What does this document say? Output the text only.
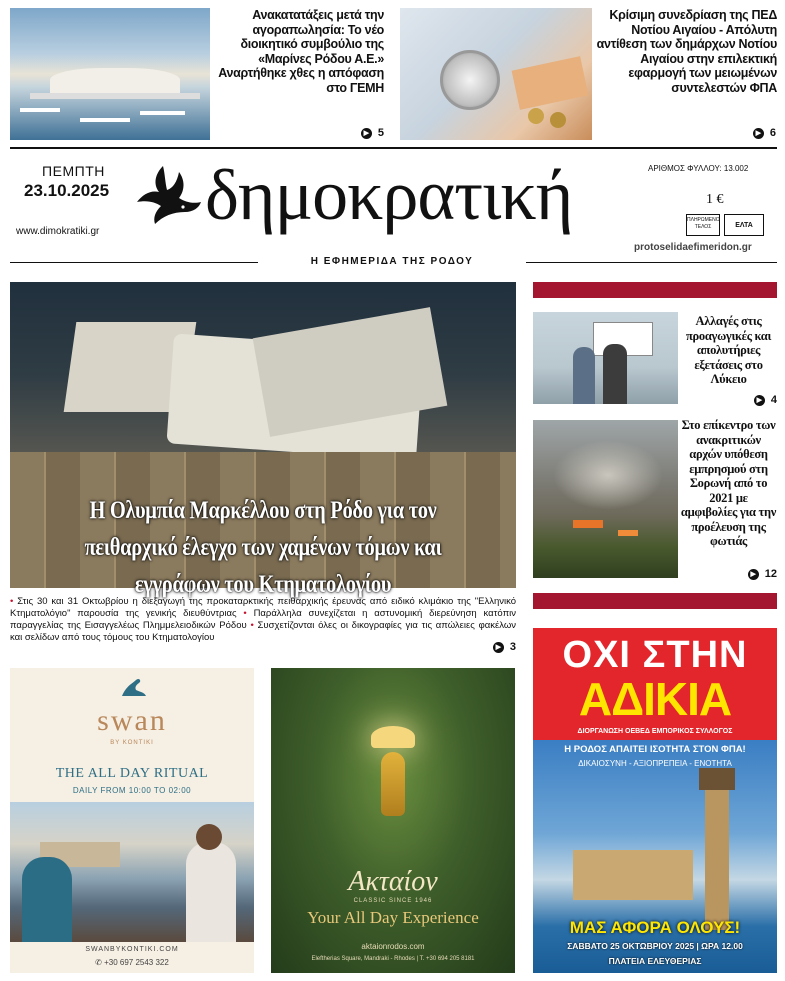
Ανακατατάξεις μετά την αγοραπωλησία: Το νέο διοικητικό συμβούλιο της «Μαρίνες Ρόδου Α.Ε.» Αναρτήθηκε χθες η απόφαση στο ΓΕΜΗ
▶ 5
Κρίσιμη συνεδρίαση της ΠΕΔ Νοτίου Αιγαίου - Απόλυτη αντίθεση των δημάρχων Νοτίου Αιγαίου στην επιλεκτική εφαρμογή των μειωμένων συντελεστών ΦΠΑ
▶ 6
ΠΕΜΠΤΗ
23.10.2025
www.dimokratiki.gr δημοκρατική	ΑΡΙΘΜΟΣ ΦΥΛΛΟΥ: 13.002
1 €
ΠΛΗΡΩΜΕΝΟ ΤΕΛΟΣ	ΕΛΤΑ
protoselidaefimeridon.gr
Η ΕΦΗΜΕΡΙΔΑ ΤΗΣ ΡΟΔΟΥ
Η Ολυμπία Μαρκέλλου στη Ρόδο για τον πειθαρχικό έλεγχο των χαμένων τόμων και εγγράφων του Κτηματολογίου
• Στις 30 και 31 Οκτωβρίου η διεξαγωγή της προκαταρκτικής πειθαρχικής έρευνας από ειδικό κλιμάκιο της "Ελληνικό Κτηματολόγιο" παρουσία της γενικής διευθύντριας • Παράλληλα συνεχίζεται η αστυνομική διερεύνηση κατόπιν παραγγελίας της Εισαγγελέως Πλημμελειοδικών Ρόδου • Συσχετίζονται όλες οι δικογραφίες για τις απώλειες φακέλων και σελίδων από τους τόμους του Κτηματολογίου
▶ 3
Αλλαγές στις προαγωγικές και απολυτήριες εξετάσεις στο Λύκειο
▶ 4
Στο επίκεντρο των ανακριτικών αρχών υπόθεση εμπρησμού στη Σορωνή από το 2021 με αμφιβολίες για την προέλευση της φωτιάς
▶ 12
swan
BY KONTIKI
THE ALL DAY RITUAL
DAILY FROM 10:00 TO 02:00
SWANBYKONTIKI.COM
✆ +30 697 2543 322
Ακταίον
CLASSIC SINCE 1946
Your All Day Experience
aktaionrodos.com
Eleftherias Square, Mandraki - Rhodes | T. +30 694 205 8181
ΟΧΙ ΣΤΗΝ
ΑΔΙΚΙΑ
ΔΙΟΡΓΑΝΩΣΗ ΟΕΒΕΔ ΕΜΠΟΡΙΚΟΣ ΣΥΛΛΟΓΟΣ
Η ΡΟΔΟΣ ΑΠΑΙΤΕΙ ΙΣΟΤΗΤΑ ΣΤΟΝ ΦΠΑ!
ΔΙΚΑΙΟΣΥΝΗ - ΑΞΙΟΠΡΕΠΕΙΑ - ΕΝΟΤΗΤΑ
ΜΑΣ ΑΦΟΡΑ ΟΛΟΥΣ!
ΣΑΒΒΑΤΟ 25 ΟΚΤΩΒΡΙΟΥ 2025 | ΩΡΑ 12.00
ΠΛΑΤΕΙΑ ΕΛΕΥΘΕΡΙΑΣ
